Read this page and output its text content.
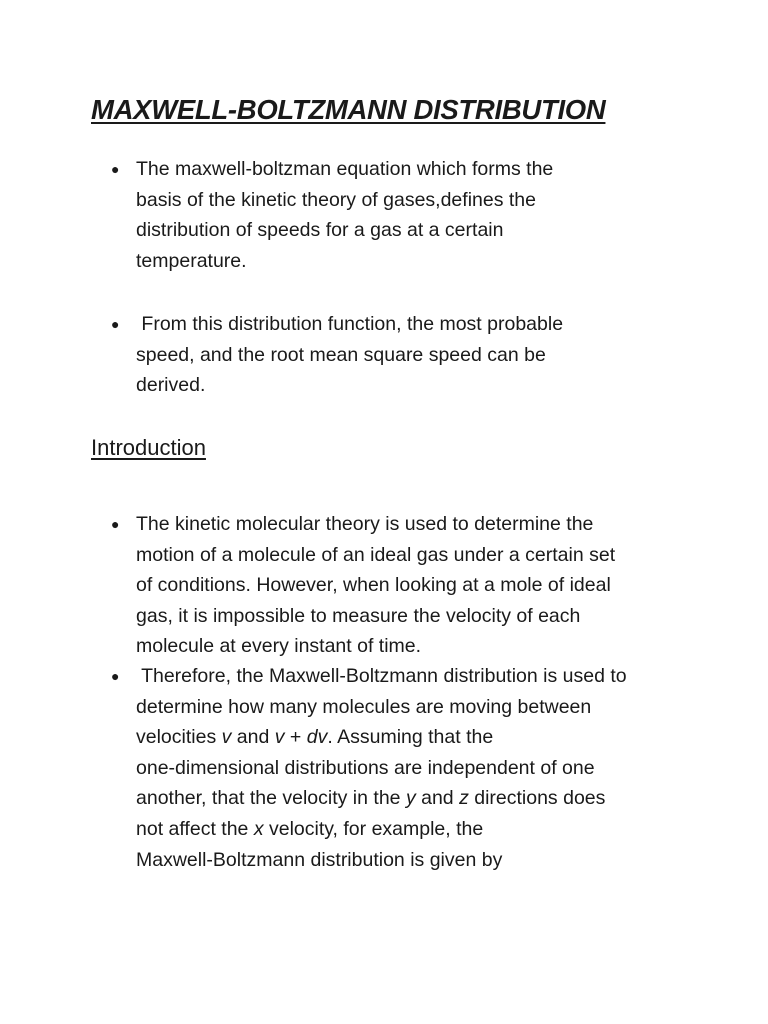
MAXWELL-BOLTZMANN DISTRIBUTION
● The maxwell-boltzman equation which forms the
basis of the kinetic theory of gases,defines the
distribution of speeds for a gas at a certain
temperature.
● From this distribution function, the most probable
speed, and the root mean square speed can be
derived.
Introduction
● The kinetic molecular theory is used to determine the
motion of a molecule of an ideal gas under a certain set
of conditions. However, when looking at a mole of ideal
gas, it is impossible to measure the velocity of each
molecule at every instant of time.
● Therefore, the Maxwell-Boltzmann distribution is used to
determine how many molecules are moving between
velocities v and v + dv. Assuming that the
one-dimensional distributions are independent of one
another, that the velocity in the y and z directions does
not affect the x velocity, for example, the
Maxwell-Boltzmann distribution is given by
